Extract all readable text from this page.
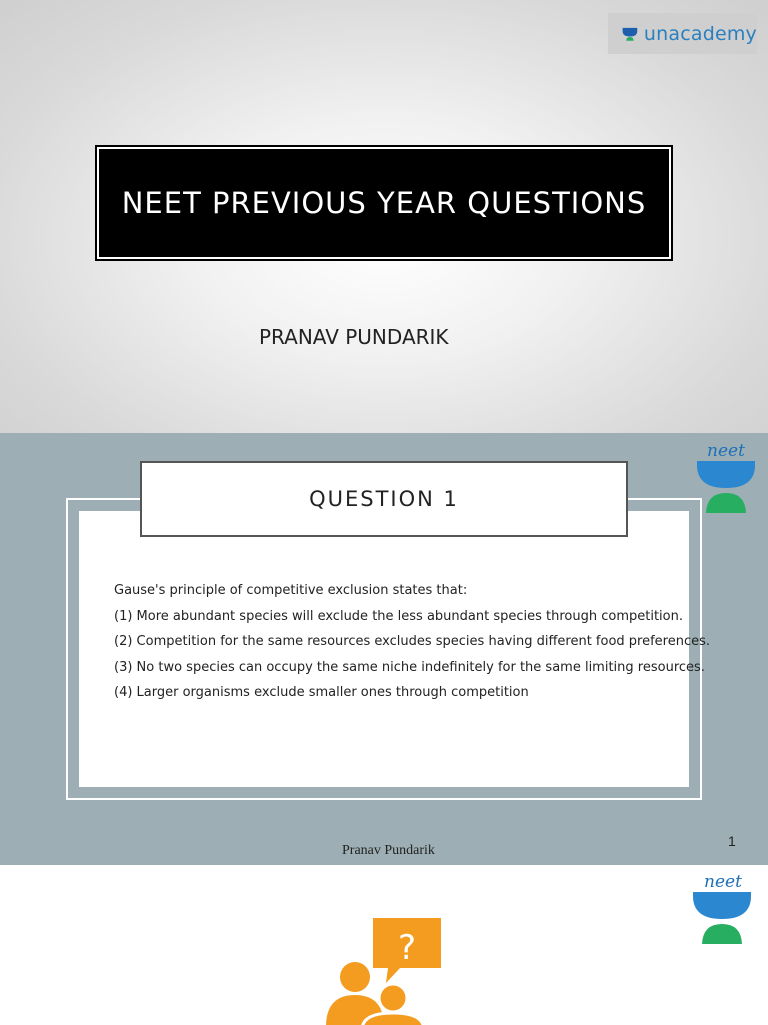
unacademy
NEET PREVIOUS YEAR QUESTIONS
PRANAV PUNDARIK
neet
QUESTION 1

Gause's principle of competitive exclusion states that:

(1) More abundant species will exclude the less abundant species through competition.

(2) Competition for the same resources excludes species having different food preferences.

(3) No two species can occupy the same niche indefinitely for the same limiting resources.

(4) Larger organisms exclude smaller ones through competition

1
Pranav Pundarik
neet
?
